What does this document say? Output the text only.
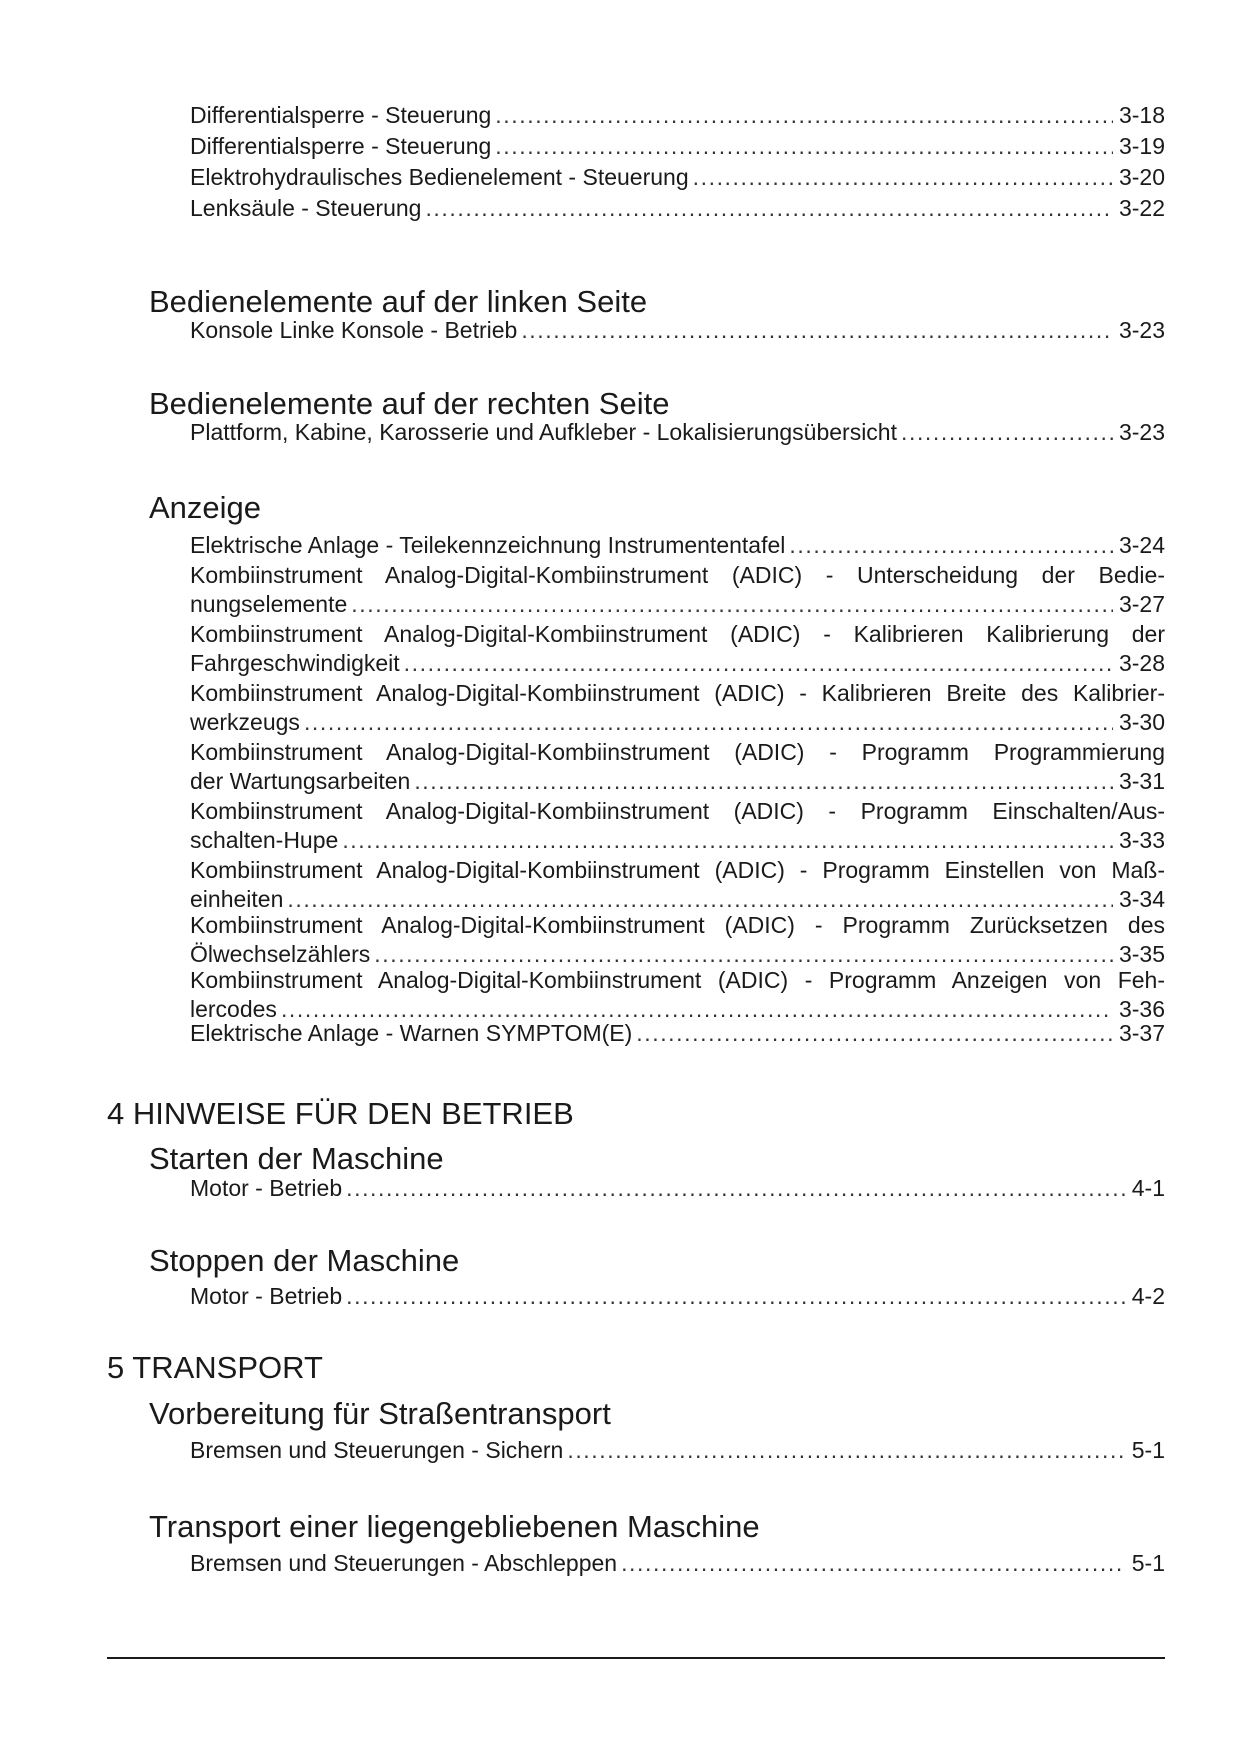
Differentialsperre - Steuerung . . .	3-18
Differentialsperre - Steuerung . . .	3-19
Elektrohydraulisches Bedienelement - Steuerung . . .	3-20
Lenksäule - Steuerung . . .	3-22
Bedienelemente auf der linken Seite
Konsole Linke Konsole - Betrieb . . .	3-23
Bedienelemente auf der rechten Seite
Plattform, Kabine, Karosserie und Aufkleber - Lokalisierungsübersicht . . .	3-23
Anzeige
Elektrische Anlage - Teilekennzeichnung Instrumententafel . . .	3-24
Kombiinstrument Analog-Digital-Kombiinstrument (ADIC) - Unterscheidung der Bedie-
nungselemente . . .	3-27
Kombiinstrument Analog-Digital-Kombiinstrument (ADIC) - Kalibrieren Kalibrierung der
Fahrgeschwindigkeit . . .	3-28
Kombiinstrument Analog-Digital-Kombiinstrument (ADIC) - Kalibrieren Breite des Kalibrier-
werkzeugs . . .	3-30
Kombiinstrument Analog-Digital-Kombiinstrument (ADIC) - Programm Programmierung
der Wartungsarbeiten . . .	3-31
Kombiinstrument Analog-Digital-Kombiinstrument (ADIC) - Programm Einschalten/Aus-
schalten-Hupe . . .	3-33
Kombiinstrument Analog-Digital-Kombiinstrument (ADIC) - Programm Einstellen von Maß-
einheiten . . .	3-34
Kombiinstrument Analog-Digital-Kombiinstrument (ADIC) - Programm Zurücksetzen des
Ölwechselzählers . . .	3-35
Kombiinstrument Analog-Digital-Kombiinstrument (ADIC) - Programm Anzeigen von Feh-
lercodes . . .	3-36
Elektrische Anlage - Warnen SYMPTOM(E) . . .	3-37
4 HINWEISE FÜR DEN BETRIEB
Starten der Maschine
Motor - Betrieb . . .	4-1
Stoppen der Maschine
Motor - Betrieb . . .	4-2
5 TRANSPORT
Vorbereitung für Straßentransport
Bremsen und Steuerungen - Sichern . . .	5-1
Transport einer liegengebliebenen Maschine
Bremsen und Steuerungen - Abschleppen . . .	5-1
